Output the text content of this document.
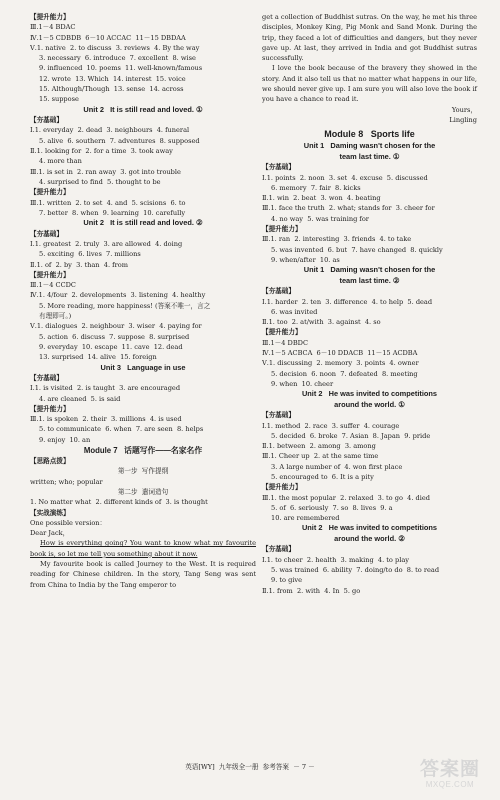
【提升能力】
Ⅲ.1－4 BDAC
Ⅳ.1－5 CDBDB  6－10 ACCAC  11－15 DBDAA
Ⅴ.1. native  2. to discuss  3. reviews  4. By the way
3. necessary  6. introduce  7. excellent  8. wise
9. influenced  10. poems  11. well-known/famous
12. wrote  13. Which  14. interest  15. voice
15. Although/Though  13. sense  14. across
15. suppose
Unit 2   It is still read and loved. ①
【夯基础】
Ⅰ.1. everyday  2. dead  3. neighbours  4. funeral
5. alive  6. southern  7. adventures  8. supposed
Ⅱ.1. looking for  2. for a time  3. took away
4. more than
Ⅲ.1. is set in  2. ran away  3. got into trouble
4. surprised to find  5. thought to be
【提升能力】
Ⅲ.1. written  2. to set  4. and  5. scisions  6. to
7. better  8. when  9. learning  10. carefully
Unit 2   It is still read and loved. ②
【夯基础】
Ⅰ.1. greatest  2. truly  3. are allowed  4. doing
5. exciting  6. lives  7. millions
Ⅱ.1. of  2. by  3. than  4. from
【提升能力】
Ⅲ.1－4 CCDC
Ⅳ.1. 4/four  2. developments  3. listening  4. healthy
5. More reading, more happiness! (答案不唯一，言之
有理即可。)
Ⅴ.1. dialogues  2. neighbour  3. wiser  4. paying for
5. action  6. discuss  7. suppose  8. surprised
9. everyday  10. escape  11. cave  12. dead
13. surprised  14. alive  15. foreign
Unit 3   Language in use
【夯基础】
Ⅰ.1. is visited  2. is taught  3. are encouraged
4. are cleaned  5. is said
【提升能力】
Ⅲ.1. is spoken  2. their  3. millions  4. is used
5. to communicate  6. when  7. are seen  8. helps
9. enjoy  10. an
Module 7   话题写作——名家名作
【思路点拨】
第一步  写作提纲
written; who; popular
第二步  遣词造句
1. No matter what  2. different kinds of  3. is thought
【实战演练】
One possible version：
Dear Jack，

How is everything going? You want to know what my favourite book is, so let me tell you something about it now.

My favourite book is called Journey to the West. It is required reading for Chinese children. In the story, Tang Seng was sent from China to India by the Tang emperor to

get a collection of Buddhist sutras. On the way, he met his three disciples, Monkey King, Pig Monk and Sand Monk. During the trip, they faced a lot of difficulties and dangers, but they never gave up. At last, they arrived in India and got Buddhist sutras successfully.

I love the book because of the bravery they showed in the story. And it also tell us that no matter what happens in our life, we should never give up. I am sure you will also love the book if you have a chance to read it.

Yours，
Lingling
Module 8   Sports life
Unit 1   Daming wasn't chosen for the
team last time. ①
【夯基础】
Ⅰ.1. points  2. noon  3. set  4. excuse  5. discussed
6. memory  7. fair  8. kicks
Ⅱ.1. win  2. beat  3. won  4. beating
Ⅲ.1. face the truth  2. what; stands for  3. cheer for
4. no way  5. was training for
【提升能力】
Ⅲ.1. ran  2. interesting  3. friends  4. to take
5. was invented  6. but  7. have changed  8. quickly
9. when/after  10. as
Unit 1   Daming wasn't chosen for the
team last time. ②
【夯基础】
Ⅰ.1. harder  2. ten  3. difference  4. to help  5. dead
6. was invited
Ⅱ.1. too  2. at/with  3. against  4. so
【提升能力】
Ⅲ.1－4 DBDC
Ⅳ.1－5 ACBCA  6－10 DDACB  11－15 ACDBA
Ⅴ.1. discussing  2. memory  3. points  4. owner
5. decision  6. noon  7. defeated  8. meeting
9. when  10. cheer
Unit 2   He was invited to competitions
around the world. ①
【夯基础】
Ⅰ.1. method  2. race  3. suffer  4. courage
5. decided  6. broke  7. Asian  8. Japan  9. pride
Ⅱ.1. between  2. among  3. among
Ⅲ.1. Cheer up  2. at the same time
3. A large number of  4. won first place
5. encouraged to  6. It is a pity
【提升能力】
Ⅲ.1. the most popular  2. relaxed  3. to go  4. died
5. of  6. seriously  7. so  8. lives  9. a
10. are remembered
Unit 2   He was invited to competitions
around the world. ②
【夯基础】
Ⅰ.1. to cheer  2. health  3. making  4. to play
5. was trained  6. ability  7. doing/to do  8. to read
9. to give
Ⅱ.1. from  2. with  4. In  5. go
英语[WY]  九年级全一册  参考答案  － 7 －	答案圈
MXQE.COM
